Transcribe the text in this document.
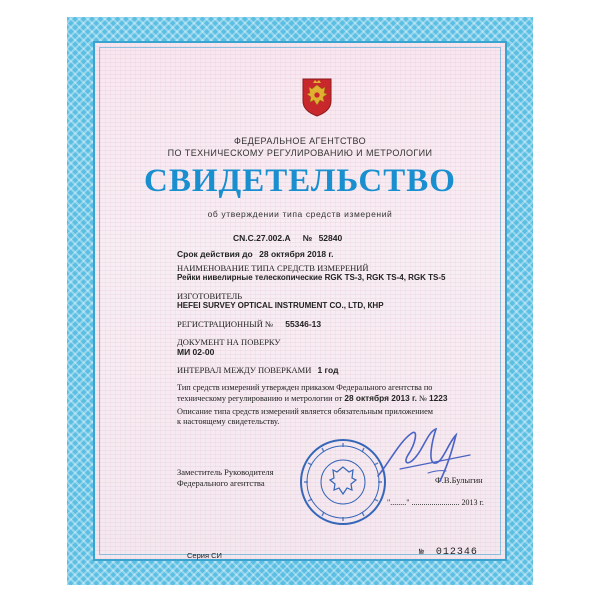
ФЕДЕРАЛЬНОЕ АГЕНТСТВО
ПО ТЕХНИЧЕСКОМУ РЕГУЛИРОВАНИЮ И МЕТРОЛОГИИ
СВИДЕТЕЛЬСТВО
об утверждении типа средств измерений
CN.C.27.002.A № 52840
Срок действия до 28 октября 2018 г.
НАИМЕНОВАНИЕ ТИПА СРЕДСТВ ИЗМЕРЕНИЙ
Рейки нивелирные телескопические RGK TS-3, RGK TS-4, RGK TS-5
ИЗГОТОВИТЕЛЬ
HEFEI SURVEY OPTICAL INSTRUMENT CO., LTD, КНР
РЕГИСТРАЦИОННЫЙ № 55346-13
ДОКУМЕНТ НА ПОВЕРКУ
МИ 02-00
ИНТЕРВАЛ МЕЖДУ ПОВЕРКАМИ 1 год
Тип средств измерений утвержден приказом Федерального агентства по
техническому регулированию и метрологии от 28 октября 2013 г. № 1223
Описание типа средств измерений является обязательным приложением
к настоящему свидетельству.
Заместитель Руководителя
Федерального агентства	Ф.В.Булыгин
"........" ........................ 2013 г.
Серия СИ	№ 012346
